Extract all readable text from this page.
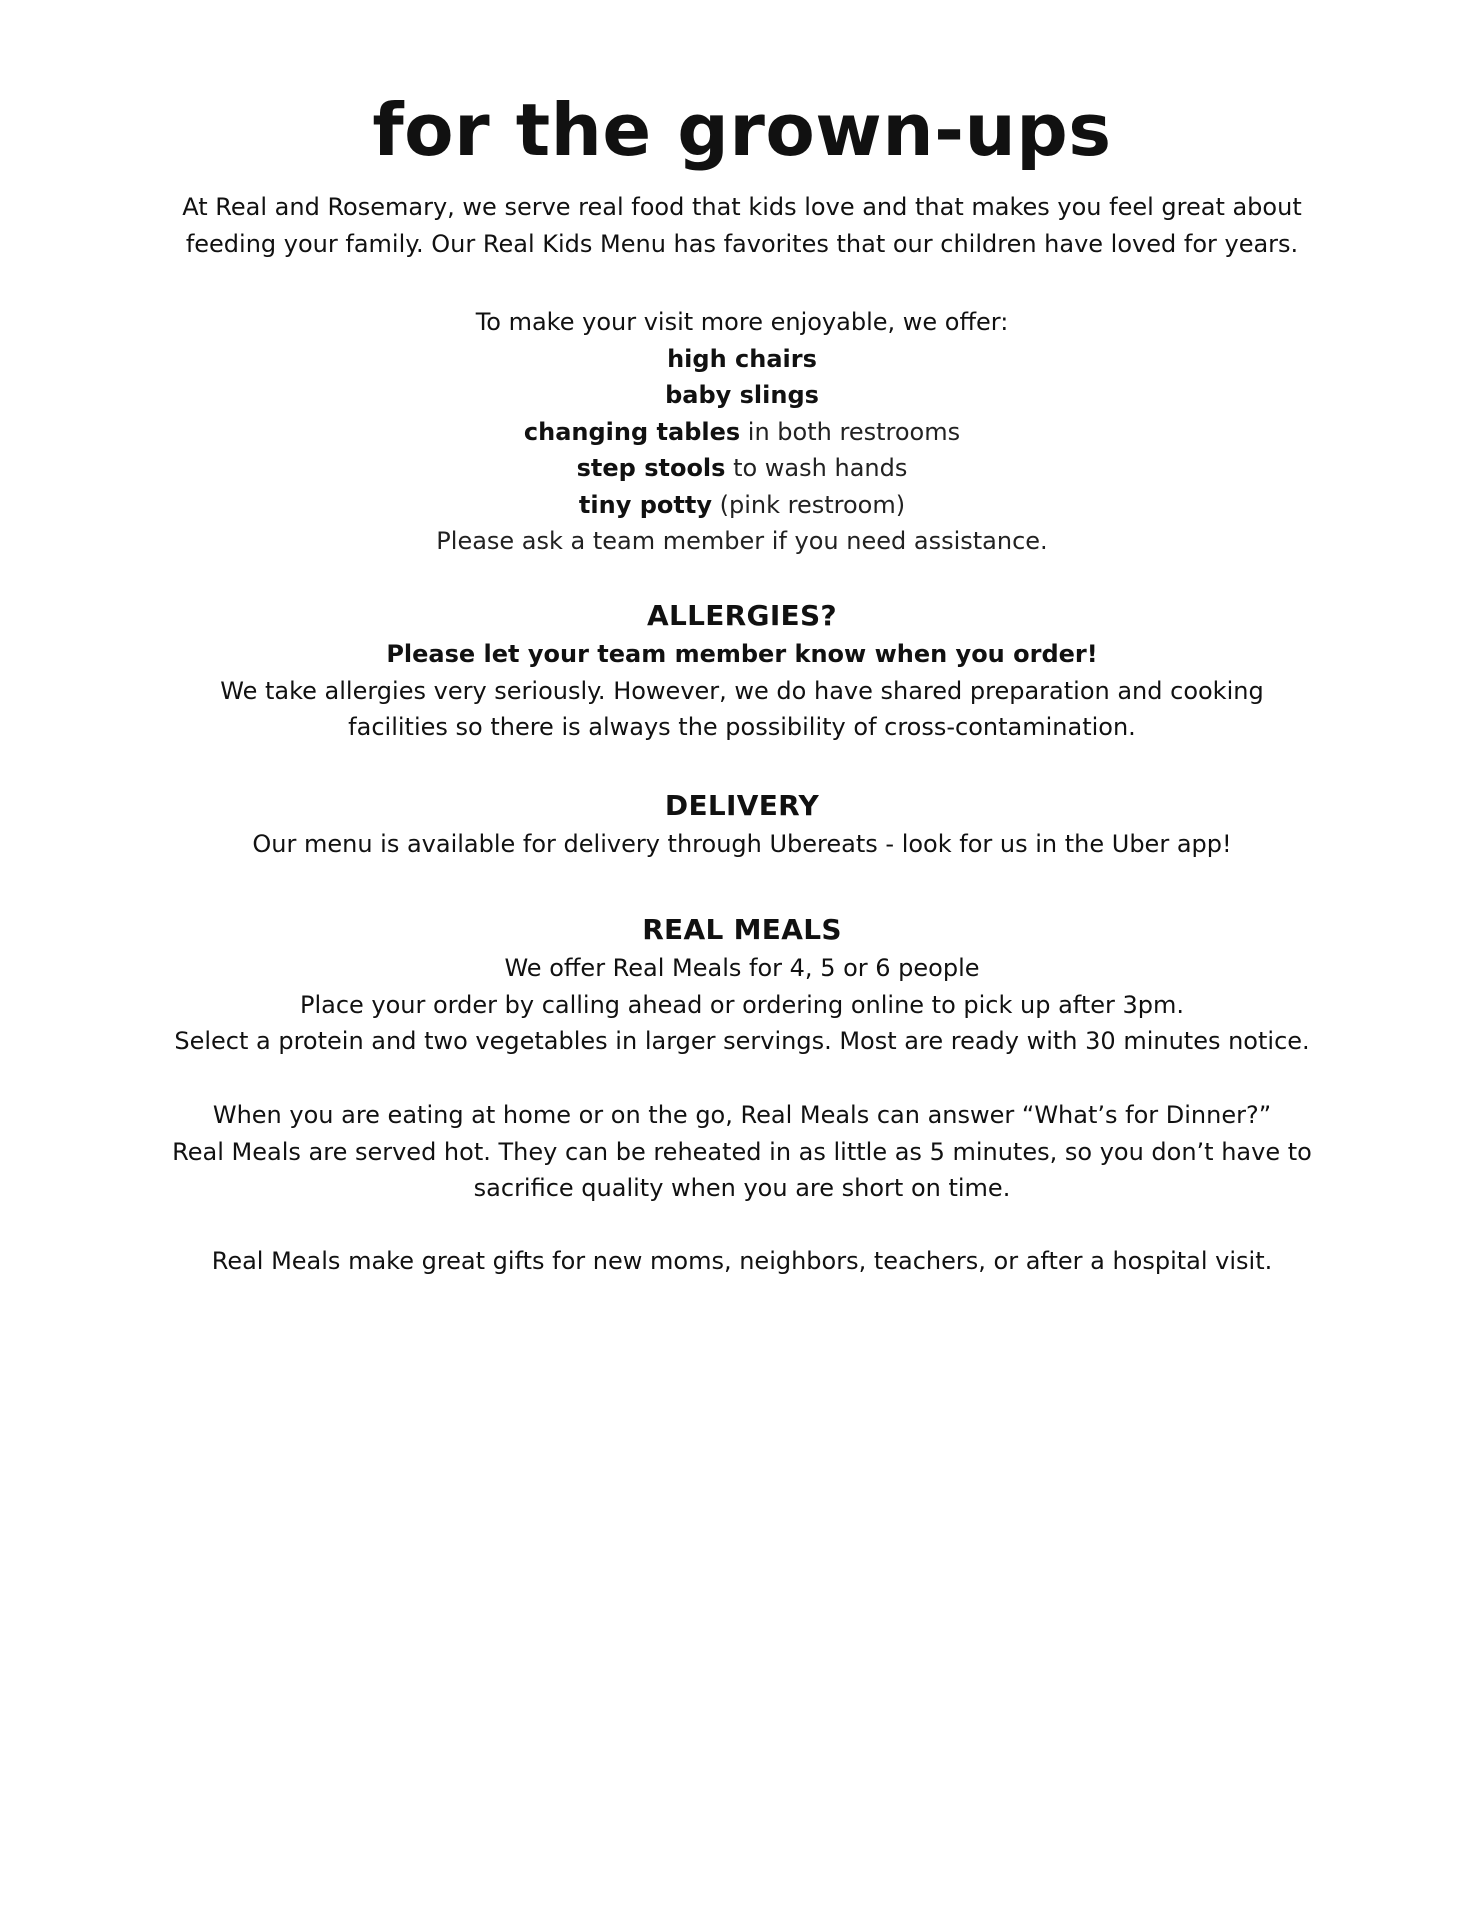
for the grown-ups
At Real and Rosemary, we serve real food that kids love and that makes you feel great about
feeding your family. Our Real Kids Menu has favorites that our children have loved for years.
To make your visit more enjoyable, we offer:
high chairs
baby slings
changing tables in both restrooms
step stools to wash hands
tiny potty (pink restroom)
Please ask a team member if you need assistance.
ALLERGIES?
Please let your team member know when you order!
We take allergies very seriously. However, we do have shared preparation and cooking
facilities so there is always the possibility of cross-contamination.
DELIVERY
Our menu is available for delivery through Ubereats - look for us in the Uber app!
REAL MEALS
We offer Real Meals for 4, 5 or 6 people
Place your order by calling ahead or ordering online to pick up after 3pm.
Select a protein and two vegetables in larger servings. Most are ready with 30 minutes notice.
When you are eating at home or on the go, Real Meals can answer “What’s for Dinner?”
Real Meals are served hot. They can be reheated in as little as 5 minutes, so you don’t have to
sacrifice quality when you are short on time.
Real Meals make great gifts for new moms, neighbors, teachers, or after a hospital visit.
